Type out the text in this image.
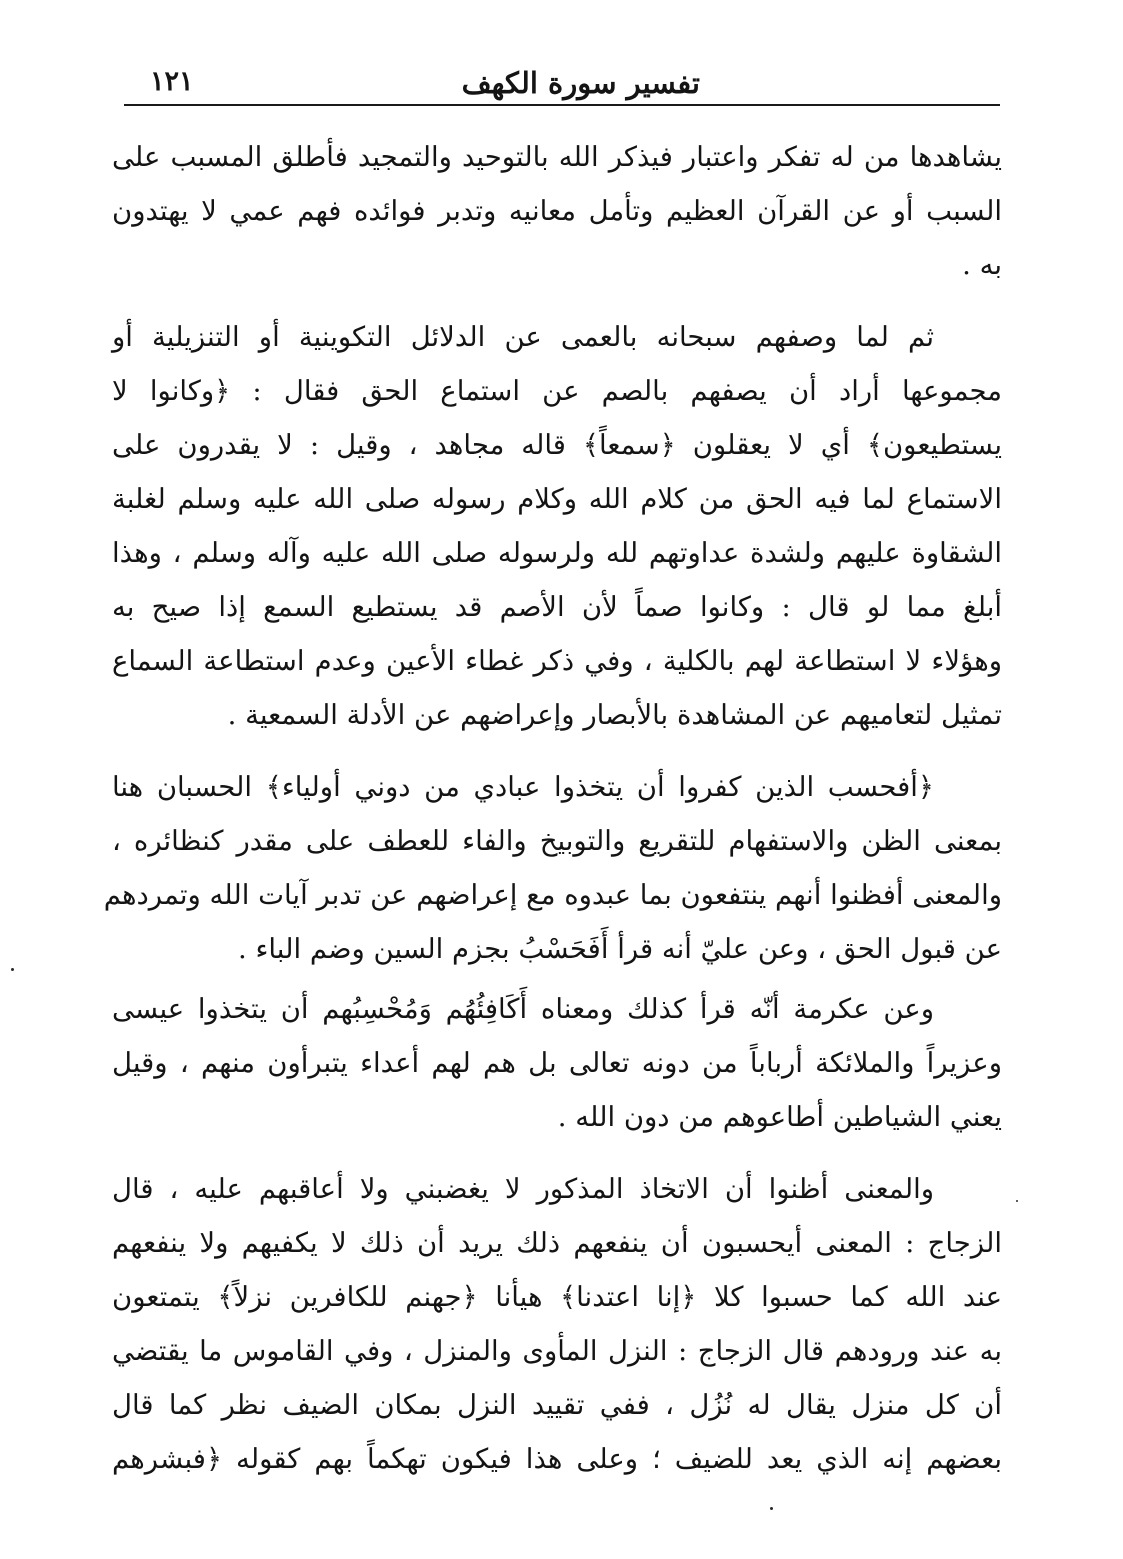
تفسير سورة الكهف
١٢١

يشاهدها من له تفكر واعتبار فيذكر الله بالتوحيد والتمجيد فأطلق المسبب على
السبب أو عن القرآن العظيم وتأمل معانيه وتدبر فوائده فهم عمي لا يهتدون
به .

ثم لما وصفهم سبحانه بالعمى عن الدلائل التكوينية أو التنزيلية أو
مجموعها أراد أن يصفهم بالصم عن استماع الحق فقال : ﴿وكانوا لا
يستطيعون﴾ أي لا يعقلون ﴿سمعاً﴾ قاله مجاهد ، وقيل : لا يقدرون على
الاستماع لما فيه الحق من كلام الله وكلام رسوله صلى الله عليه وسلم لغلبة
الشقاوة عليهم ولشدة عداوتهم لله ولرسوله صلى الله عليه وآله وسلم ، وهذا
أبلغ مما لو قال : وكانوا صماً لأن الأصم قد يستطيع السمع إذا صيح به
وهؤلاء لا استطاعة لهم بالكلية ، وفي ذكر غطاء الأعين وعدم استطاعة السماع
تمثيل لتعاميهم عن المشاهدة بالأبصار وإعراضهم عن الأدلة السمعية .

﴿أفحسب الذين كفروا أن يتخذوا عبادي من دوني أولياء﴾ الحسبان هنا
بمعنى الظن والاستفهام للتقريع والتوبيخ والفاء للعطف على مقدر كنظائره ،
والمعنى أفظنوا أنهم ينتفعون بما عبدوه مع إعراضهم عن تدبر آيات الله وتمردهم
عن قبول الحق ، وعن عليّ أنه قرأ أَفَحَسْبُ بجزم السين وضم الباء .

وعن عكرمة أنّه قرأ كذلك ومعناه أَكَافِئُهُم وَمُحْسِبُهم أن يتخذوا عيسى
وعزيراً والملائكة أرباباً من دونه تعالى بل هم لهم أعداء يتبرأون منهم ، وقيل
يعني الشياطين أطاعوهم من دون الله .

والمعنى أظنوا أن الاتخاذ المذكور لا يغضبني ولا أعاقبهم عليه ، قال
الزجاج : المعنى أيحسبون أن ينفعهم ذلك يريد أن ذلك لا يكفيهم ولا ينفعهم
عند الله كما حسبوا كلا ﴿إنا اعتدنا﴾ هيأنا ﴿جهنم للكافرين نزلاً﴾ يتمتعون
به عند ورودهم قال الزجاج : النزل المأوى والمنزل ، وفي القاموس ما يقتضي
أن كل منزل يقال له نُزُل ، ففي تقييد النزل بمكان الضيف نظر كما قال
بعضهم إنه الذي يعد للضيف ؛ وعلى هذا فيكون تهكماً بهم كقوله ﴿فبشرهم
